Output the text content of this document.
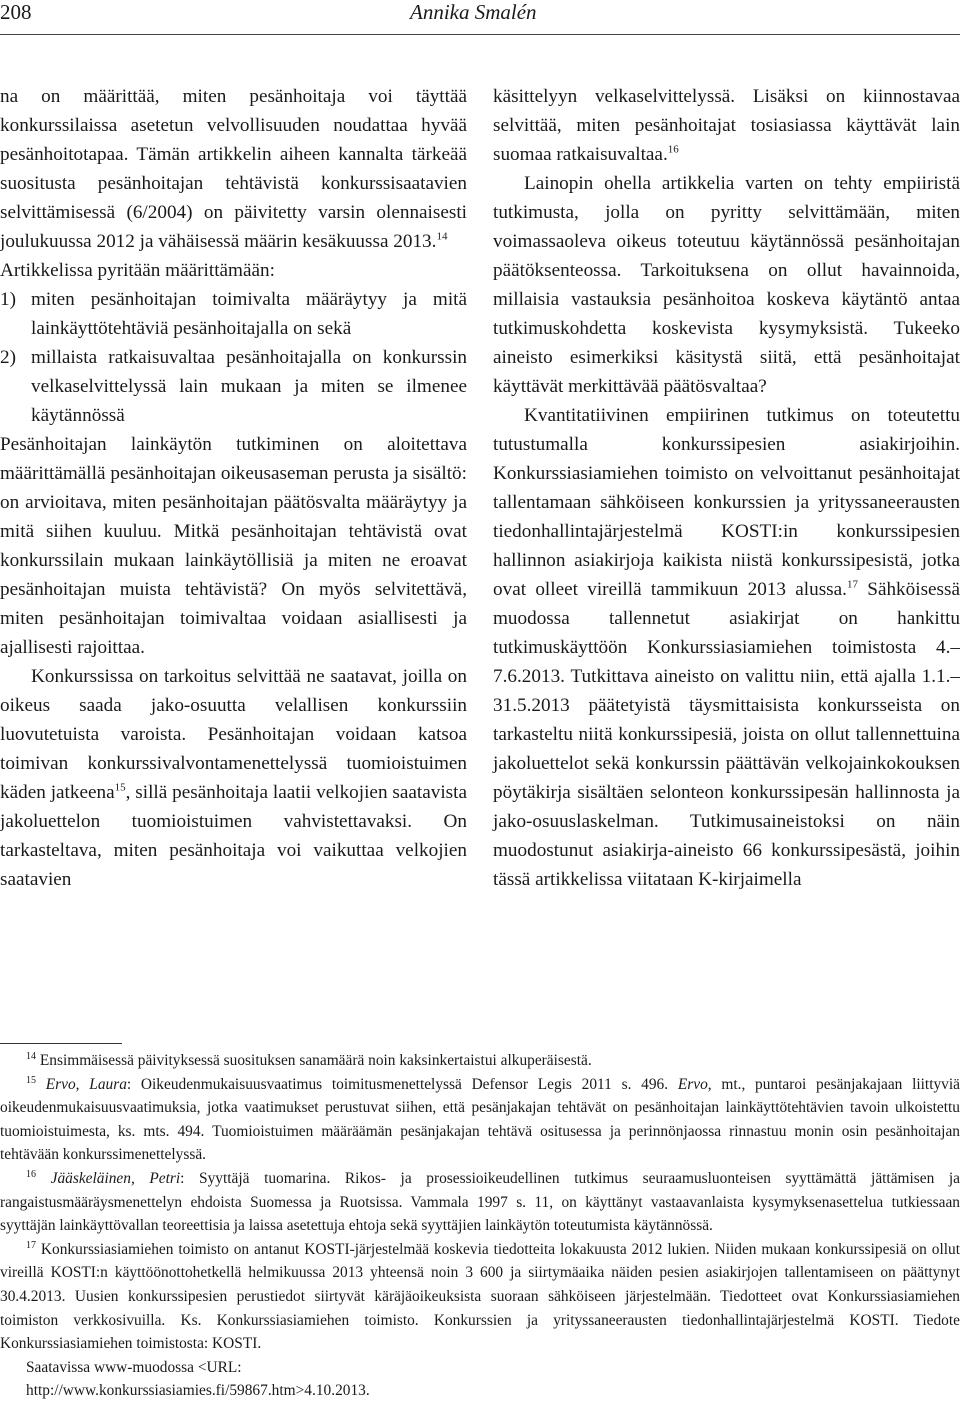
208	Annika Smalén

na on määrittää, miten pesänhoitaja voi täyttää konkurssilaissa asetetun velvollisuuden noudattaa hyvää pesänhoitotapaa. Tämän artikkelin aiheen kannalta tärkeää suositusta pesänhoitajan tehtävistä konkurssisaatavien selvittämisessä (6/2004) on päivitetty varsin olennaisesti joulukuussa 2012 ja vähäisessä määrin kesäkuussa 2013.14

Artikkelissa pyritään määrittämään:

1) miten pesänhoitajan toimivalta määräytyy ja mitä lainkäyttötehtäviä pesänhoitajalla on sekä
2) millaista ratkaisuvaltaa pesänhoitajalla on konkurssin velkaselvittelyssä lain mukaan ja miten se ilmenee käytännössä

Pesänhoitajan lainkäytön tutkiminen on aloitettava määrittämällä pesänhoitajan oikeusaseman perusta ja sisältö: on arvioitava, miten pesänhoitajan päätösvalta määräytyy ja mitä siihen kuuluu. Mitkä pesänhoitajan tehtävistä ovat konkurssilain mukaan lainkäytöllisiä ja miten ne eroavat pesänhoitajan muista tehtävistä? On myös selvitettävä, miten pesänhoitajan toimivaltaa voidaan asiallisesti ja ajallisesti rajoittaa.

Konkurssissa on tarkoitus selvittää ne saatavat, joilla on oikeus saada jako-osuutta velallisen konkurssiin luovutetuista varoista. Pesänhoitajan voidaan katsoa toimivan konkurssivalvontamenettelyssä tuomioistuimen käden jatkeena$^{15}$, sillä pesänhoitaja laatii velkojien saatavista jakoluettelon tuomioistuimen vahvistettavaksi. On tarkasteltava, miten pesänhoitaja voi vaikuttaa velkojien saatavien

käsittelyyn velkaselvittelyssä. Lisäksi on kiinnostavaa selvittää, miten pesänhoitajat tosiasiassa käyttävät lain suomaa ratkaisuvaltaa.$^{16}$

Lainopin ohella artikkelia varten on tehty empiiristä tutkimusta, jolla on pyritty selvittämään, miten voimassaoleva oikeus toteutuu käytännössä pesänhoitajan päätöksenteossa. Tarkoituksena on ollut havainnoida, millaisia vastauksia pesänhoitoa koskeva käytäntö antaa tutkimuskohdetta koskevista kysymyksistä. Tukeeko aineisto esimerkiksi käsitystä siitä, että pesänhoitajat käyttävät merkittävää päätösvaltaa?

Kvantitatiivinen empiirinen tutkimus on toteutettu tutustumalla konkurssipesien asiakirjoihin. Konkurssiasiamiehen toimisto on velvoittanut pesänhoitajat tallentamaan sähköiseen konkurssien ja yrityssaneerausten tiedonhallintajärjestelmä KOSTI:in konkurssipesien hallinnon asiakirjoja kaikista niistä konkurssipesistä, jotka ovat olleet vireillä tammikuun 2013 alussa.$^{17}$ Sähköisessä muodossa tallennetut asiakirjat on hankittu tutkimuskäyttöön Konkurssiasiamiehen toimistosta 4.–7.6.2013. Tutkittava aineisto on valittu niin, että ajalla 1.1.–31.5.2013 päätetyistä täysmittaisista konkursseista on tarkasteltu niitä konkurssipesiä, joista on ollut tallennettuina jakoluettelot sekä konkurssin päättävän velkojainkokouksen pöytäkirja sisältäen selonteon konkurssipesän hallinnosta ja jako-osuuslaskelman. Tutkimusaineistoksi on näin muodostunut asiakirja-aineisto 66 konkurssipesästä, joihin tässä artikkelissa viitataan K-kirjaimella

$^{14}$ Ensimmäisessä päivityksessä suosituksen sanamäärä noin kaksinkertaistui alkuperäisestä.

$^{15}$ Ervo, Laura: Oikeudenmukaisuusvaatimus toimitusmenettelyssä Defensor Legis 2011 s. 496. Ervo, mt., puntaroi pesänjakajaan liittyviä oikeudenmukaisuusvaatimuksia, jotka vaatimukset perustuvat siihen, että pesänjakajan tehtävät on pesänhoitajan lainkäyttötehtävien tavoin ulkoistettu tuomioistuimesta, ks. mts. 494. Tuomioistuimen määräämän pesänjakajan tehtävä ositusessa ja perinnönjaossa rinnastuu monin osin pesänhoitajan tehtävään konkurssimenettelyssä.

$^{16}$ Jääskeläinen, Petri: Syyttäjä tuomarina. Rikos- ja prosessioikeudellinen tutkimus seuraamusluonteisen syyttämättä jättämisen ja rangaistusmääräysmenettelyn ehdoista Suomessa ja Ruotsissa. Vammala 1997 s. 11, on käyttänyt vastaavanlaista kysymyksenasettelua tutkiessaan syyttäjän lainkäyttövallan teoreettisia ja laissa asetettuja ehtoja sekä syyttäjien lainkäytön toteutumista käytännössä.

$^{17}$ Konkurssiasiamiehen toimisto on antanut KOSTI-järjestelmää koskevia tiedotteita lokakuusta 2012 lukien. Niiden mukaan konkurssipesiä on ollut vireillä KOSTI:n käyttöönottohetkellä helmikuussa 2013 yhteensä noin 3 600 ja siirtymäaika näiden pesien asiakirjojen tallentamiseen on päättynyt 30.4.2013. Uusien konkurssipesien perustiedot siirtyvät käräjäoikeuksista suoraan sähköiseen järjestelmään. Tiedotteet ovat Konkurssiasiamiehen toimiston verkkosivuilla. Ks. Konkurssiasiamiehen toimisto. Konkurssien ja yrityssaneerausten tiedonhallintajärjestelmä KOSTI. Tiedote Konkurssiasiamiehen toimistosta: KOSTI.

Saatavissa www-muodossa <URL:

http://www.konkurssiasiamies.fi/59867.htm>4.10.2013.
